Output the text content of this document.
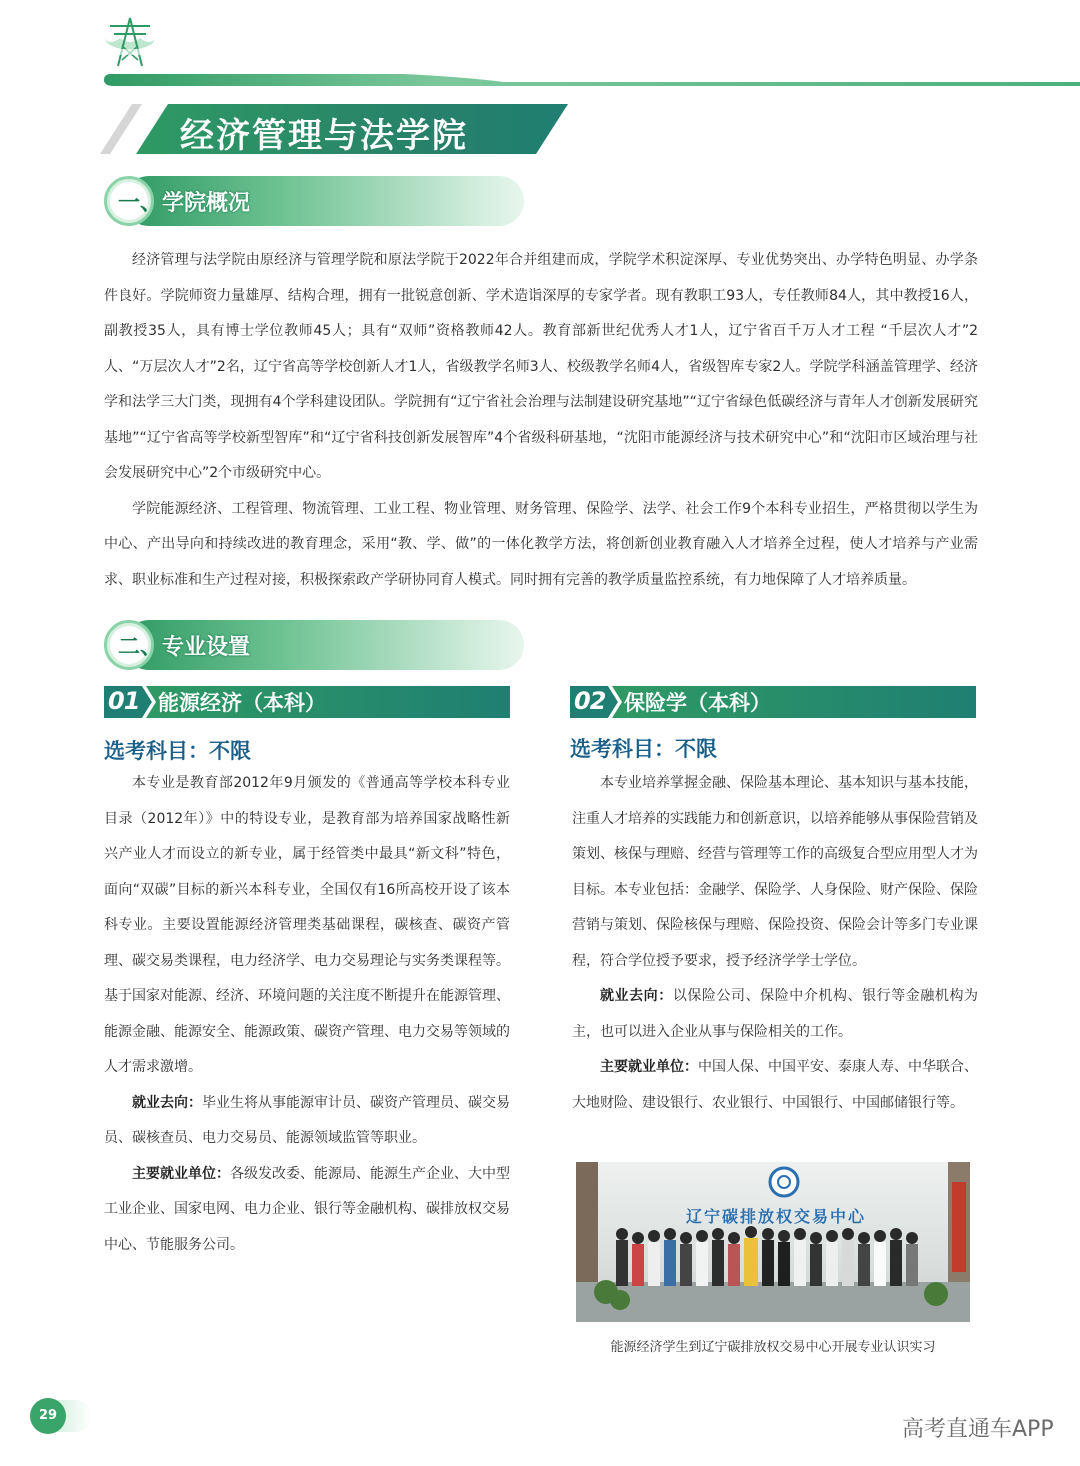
经济管理与法学院
一、学院概况

经济管理与法学院由原经济与管理学院和原法学院于2022年合并组建而成，学院学术积淀深厚、专业优势突出、办学特色明显、办学条件良好。学院师资力量雄厚、结构合理，拥有一批锐意创新、学术造诣深厚的专家学者。现有教职工93人，专任教师84人，其中教授16人，副教授35人，具有博士学位教师45人；具有“双师”资格教师42人。教育部新世纪优秀人才1人，辽宁省百千万人才工程 “千层次人才”2人、“万层次人才”2名，辽宁省高等学校创新人才1人，省级教学名师3人、校级教学名师4人，省级智库专家2人。学院学科涵盖管理学、经济学和法学三大门类，现拥有4个学科建设团队。学院拥有“辽宁省社会治理与法制建设研究基地”“辽宁省绿色低碳经济与青年人才创新发展研究基地”“辽宁省高等学校新型智库”和“辽宁省科技创新发展智库”4个省级科研基地，“沈阳市能源经济与技术研究中心”和“沈阳市区域治理与社会发展研究中心”2个市级研究中心。

学院能源经济、工程管理、物流管理、工业工程、物业管理、财务管理、保险学、法学、社会工作9个本科专业招生，严格贯彻以学生为中心、产出导向和持续改进的教育理念，采用“教、学、做”的一体化教学方法，将创新创业教育融入人才培养全过程，使人才培养与产业需求、职业标准和生产过程对接，积极探索政产学研协同育人模式。同时拥有完善的教学质量监控系统，有力地保障了人才培养质量。

二、专业设置
01 能源经济（本科）	02 保险学（本科）
选考科目：不限	选考科目：不限

本专业是教育部2012年9月颁发的《普通高等学校本科专业目录（2012年）》中的特设专业，是教育部为培养国家战略性新兴产业人才而设立的新专业，属于经管类中最具“新文科”特色，面向“双碳”目标的新兴本科专业，全国仅有16所高校开设了该本科专业。主要设置能源经济管理类基础课程，碳核查、碳资产管理、碳交易类课程，电力经济学、电力交易理论与实务类课程等。基于国家对能源、经济、环境问题的关注度不断提升在能源管理、能源金融、能源安全、能源政策、碳资产管理、电力交易等领域的人才需求激增。

就业去向：毕业生将从事能源审计员、碳资产管理员、碳交易员、碳核查员、电力交易员、能源领域监管等职业。

主要就业单位：各级发改委、能源局、能源生产企业、大中型工业企业、国家电网、电力企业、银行等金融机构、碳排放权交易中心、节能服务公司。

本专业培养掌握金融、保险基本理论、基本知识与基本技能，注重人才培养的实践能力和创新意识，以培养能够从事保险营销及策划、核保与理赔、经营与管理等工作的高级复合型应用型人才为目标。本专业包括：金融学、保险学、人身保险、财产保险、保险营销与策划、保险核保与理赔、保险投资、保险会计等多门专业课程，符合学位授予要求，授予经济学学士学位。

就业去向：以保险公司、保险中介机构、银行等金融机构为主，也可以进入企业从事与保险相关的工作。

主要就业单位：中国人保、中国平安、泰康人寿、中华联合、大地财险、建设银行、农业银行、中国银行、中国邮储银行等。

辽宁碳排放权交易中心
能源经济学生到辽宁碳排放权交易中心开展专业认识实习
29
高考直通车APP
